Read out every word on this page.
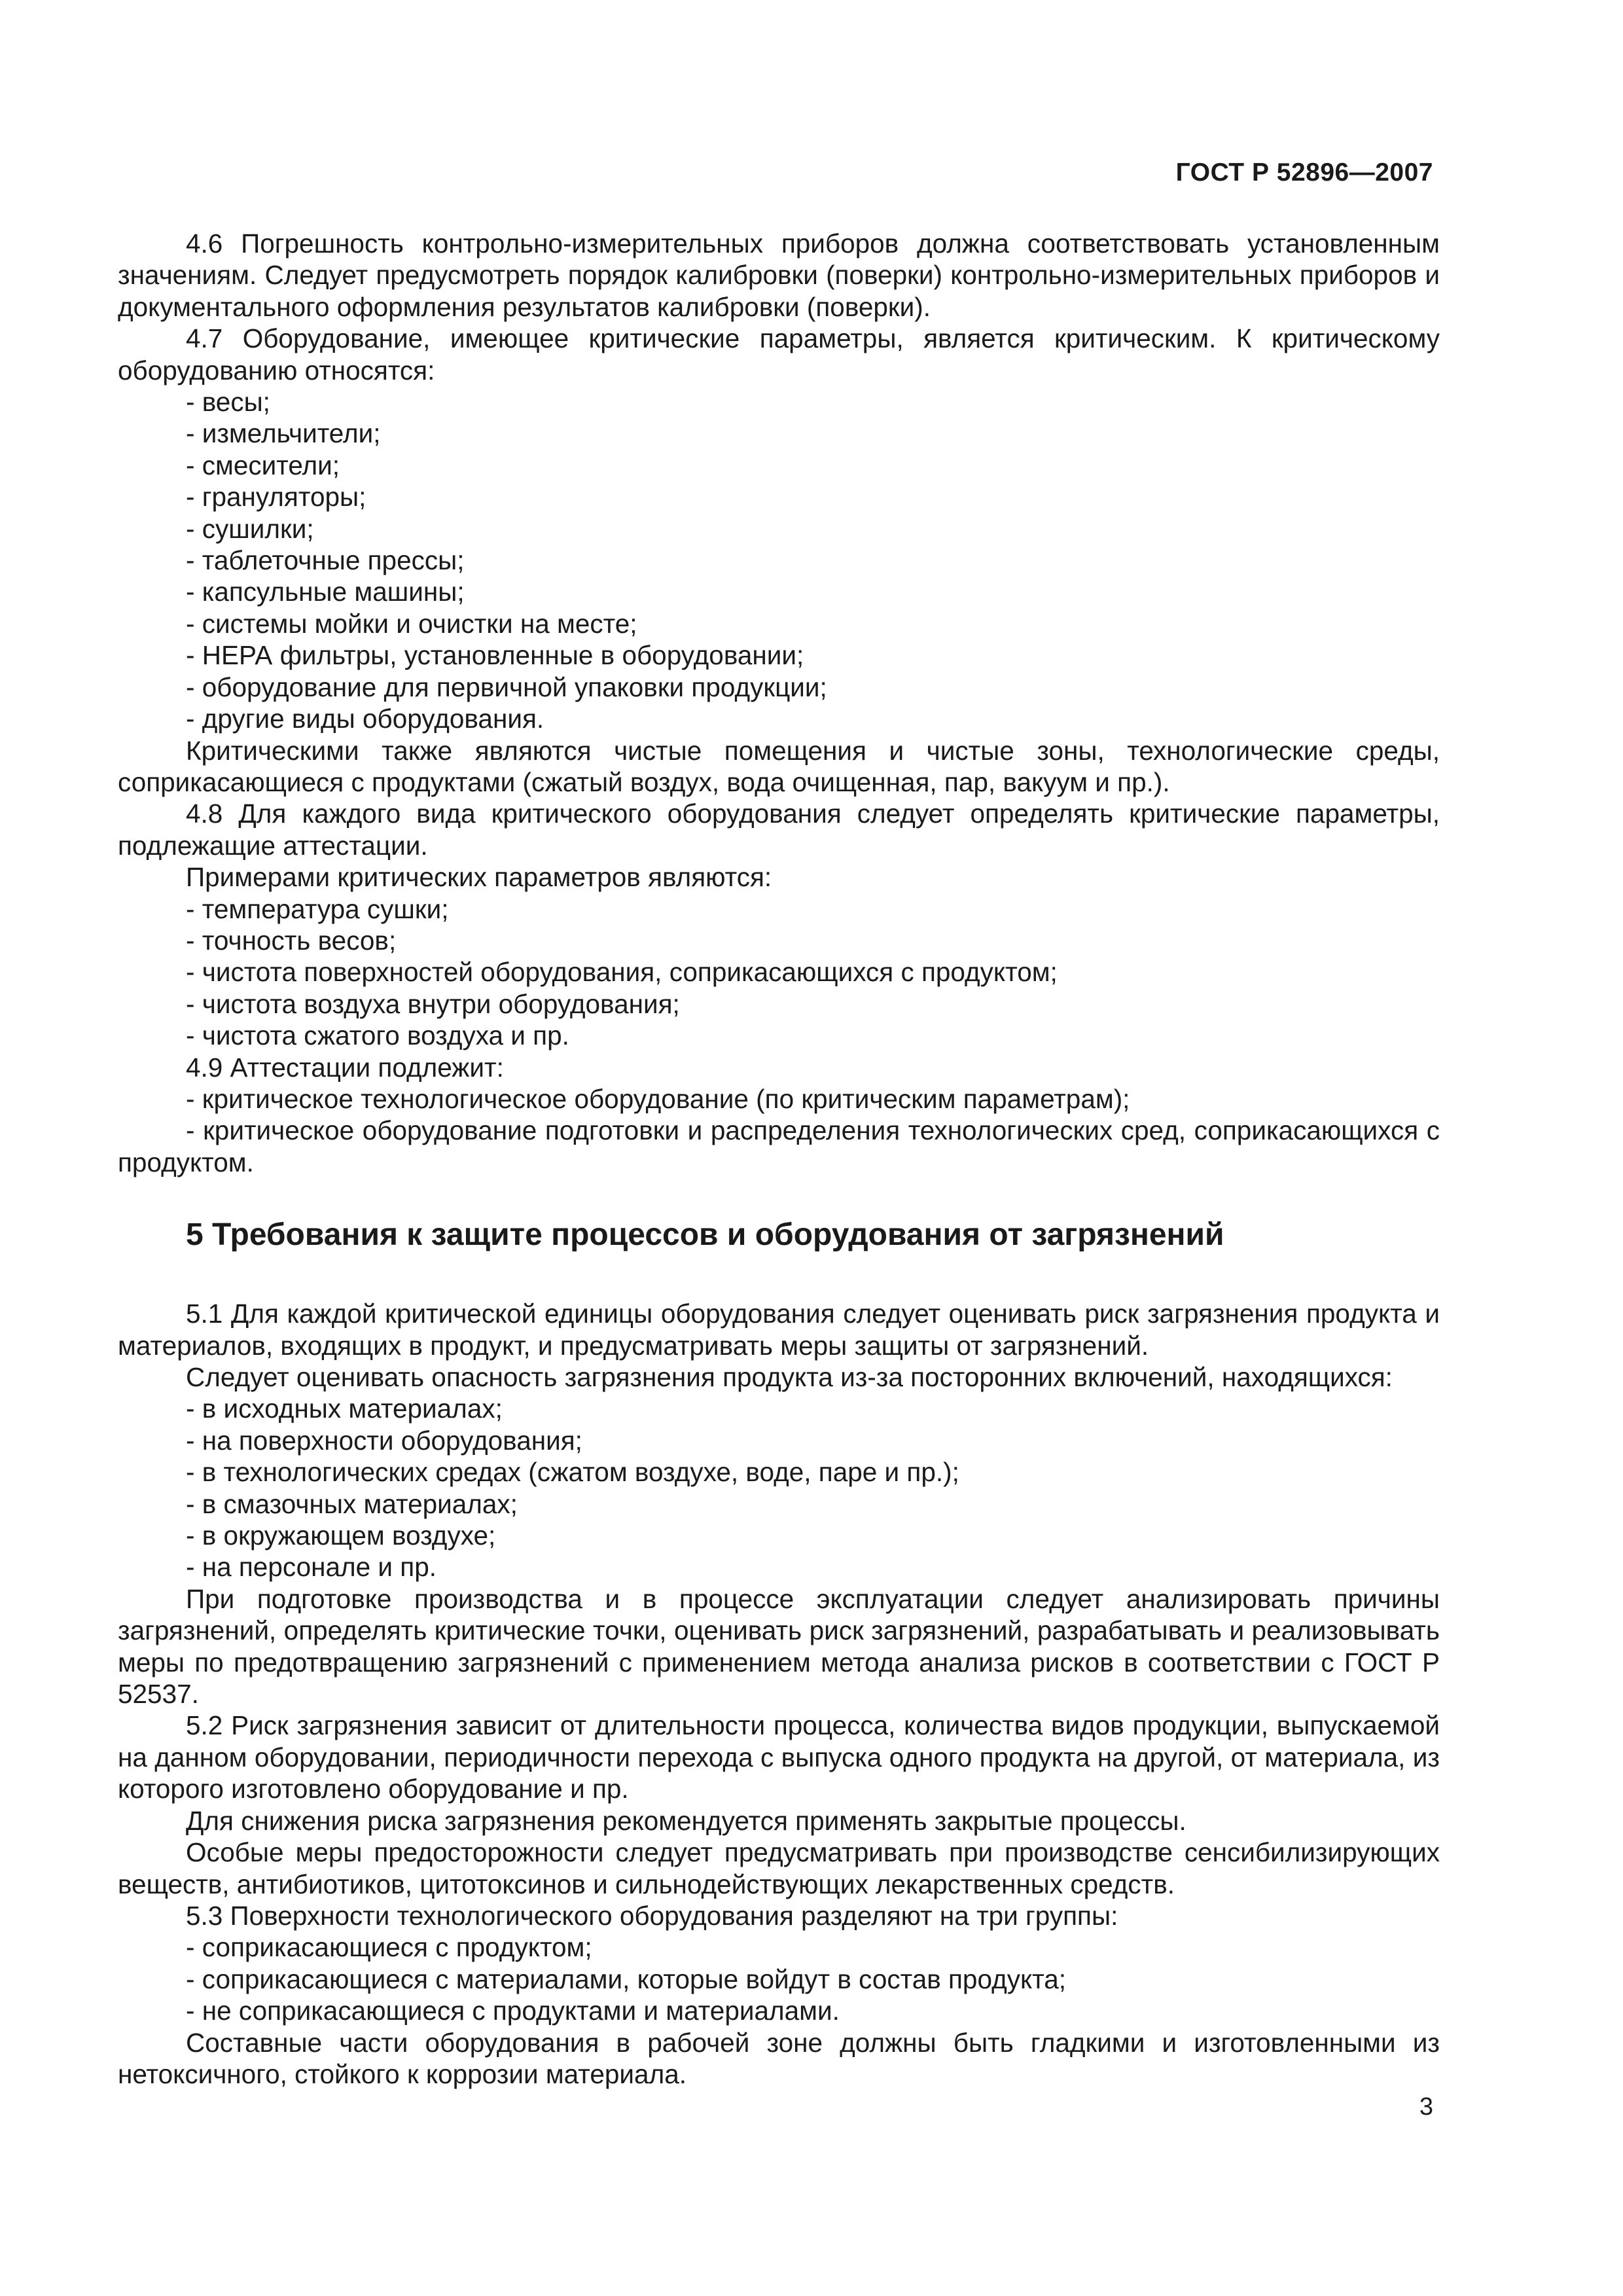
ГОСТ Р 52896—2007

4.6 Погрешность контрольно-измерительных приборов должна соответствовать установленным значениям. Следует предусмотреть порядок калибровки (поверки) контрольно-измерительных приборов и документального оформления результатов калибровки (поверки).

4.7 Оборудование, имеющее критические параметры, является критическим. К критическому оборудованию относятся:

- весы;

- измельчители;

- смесители;

- грануляторы;

- сушилки;

- таблеточные прессы;

- капсульные машины;

- системы мойки и очистки на месте;

- НЕРА фильтры, установленные в оборудовании;

- оборудование для первичной упаковки продукции;

- другие виды оборудования.

Критическими также являются чистые помещения и чистые зоны, технологические среды, соприкасающиеся с продуктами (сжатый воздух, вода очищенная, пар, вакуум и пр.).

4.8 Для каждого вида критического оборудования следует определять критические параметры, подлежащие аттестации.

Примерами критических параметров являются:

- температура сушки;

- точность весов;

- чистота поверхностей оборудования, соприкасающихся с продуктом;

- чистота воздуха внутри оборудования;

- чистота сжатого воздуха и пр.

4.9 Аттестации подлежит:

- критическое технологическое оборудование (по критическим параметрам);

- критическое оборудование подготовки и распределения технологических сред, соприкасающихся с продуктом.

5 Требования к защите процессов и оборудования от загрязнений

5.1 Для каждой критической единицы оборудования следует оценивать риск загрязнения продукта и материалов, входящих в продукт, и предусматривать меры защиты от загрязнений.

Следует оценивать опасность загрязнения продукта из-за посторонних включений, находящихся:

- в исходных материалах;

- на поверхности оборудования;

- в технологических средах (сжатом воздухе, воде, паре и пр.);

- в смазочных материалах;

- в окружающем воздухе;

- на персонале и пр.

При подготовке производства и в процессе эксплуатации следует анализировать причины загрязнений, определять критические точки, оценивать риск загрязнений, разрабатывать и реализовывать меры по предотвращению загрязнений с применением метода анализа рисков в соответствии с ГОСТ Р 52537.

5.2 Риск загрязнения зависит от длительности процесса, количества видов продукции, выпускаемой на данном оборудовании, периодичности перехода с выпуска одного продукта на другой, от материала, из которого изготовлено оборудование и пр.

Для снижения риска загрязнения рекомендуется применять закрытые процессы.

Особые меры предосторожности следует предусматривать при производстве сенсибилизирующих веществ, антибиотиков, цитотоксинов и сильнодействующих лекарственных средств.

5.3 Поверхности технологического оборудования разделяют на три группы:

- соприкасающиеся с продуктом;

- соприкасающиеся с материалами, которые войдут в состав продукта;

- не соприкасающиеся с продуктами и материалами.

Составные части оборудования в рабочей зоне должны быть гладкими и изготовленными из нетоксичного, стойкого к коррозии материала.

3
